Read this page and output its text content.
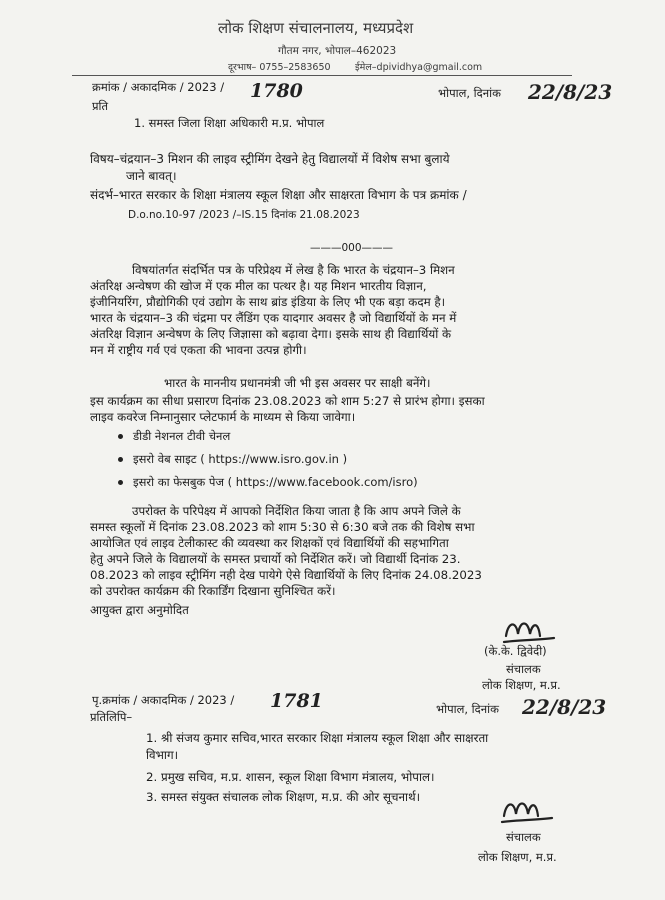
लोक शिक्षण संचालनालय, मध्यप्रदेश
गौतम नगर, भोपाल–462023
दूरभाष– 0755–2583650	ईमेल–dpividhya@gmail.com
क्रमांक / अकादमिक / 2023 / 1780	भोपाल, दिनांक 22/8/23
प्रति
1. समस्त जिला शिक्षा अधिकारी म.प्र. भोपाल
विषय–चंद्रयान–3 मिशन की लाइव स्ट्रीमिंग देखने हेतु विद्यालयों में विशेष सभा बुलाये
जाने बावत्।
संदर्भ–भारत सरकार के शिक्षा मंत्रालय स्कूल शिक्षा और साक्षरता विभाग के पत्र क्रमांक /
D.o.no.10-97 /2023 /–IS.15 दिनांक 21.08.2023
———000———
विषयांतर्गत संदर्भित पत्र के परिप्रेक्ष्य में लेख है कि भारत के चंद्रयान–3 मिशन
अंतरिक्ष अन्वेषण की खोज में एक मील का पत्थर है। यह मिशन भारतीय विज्ञान,
इंजीनियरिंग, प्रौद्योगिकी एवं उद्योग के साथ ब्रांड इंडिया के लिए भी एक बड़ा कदम है।
भारत के चंद्रयान–3 की चंद्रमा पर लैंडिंग एक यादगार अवसर है जो विद्यार्थियों के मन में
अंतरिक्ष विज्ञान अन्वेषण के लिए जिज्ञासा को बढ़ावा देगा। इसके साथ ही विद्यार्थियों के
मन में राष्ट्रीय गर्व एवं एकता की भावना उत्पन्न होगी।
भारत के माननीय प्रधानमंत्री जी भी इस अवसर पर साक्षी बनेंगे।
इस कार्यक्रम का सीधा प्रसारण दिनांक 23.08.2023 को शाम 5:27 से प्रारंभ होगा। इसका
लाइव कवरेज निम्नानुसार प्लेटफार्म के माध्यम से किया जावेगा।
डीडी नेशनल टीवी चेनल
इसरो वेब साइट ( https://www.isro.gov.in )
इसरो का फेसबुक पेज ( https://www.facebook.com/isro)
उपरोक्त के परिपेक्ष्य में आपको निर्देशित किया जाता है कि आप अपने जिले के
समस्त स्कूलों में दिनांक 23.08.2023 को शाम 5:30 से 6:30 बजे तक की विशेष सभा
आयोजित एवं लाइव टेलीकास्ट की व्यवस्था कर शिक्षकों एवं विद्यार्थियों की सहभागिता
हेतु अपने जिले के विद्यालयों के समस्त प्रचार्यो को निर्देशित करें। जो विद्यार्थी दिनांक 23.
08.2023 को लाइव स्ट्रीमिंग नही देख पायेगे ऐसे विद्यार्थियों के लिए दिनांक 24.08.2023
को उपरोक्त कार्यक्रम की रिकार्डिंग दिखाना सुनिश्चित करें।
आयुक्त द्वारा अनुमोदित
(के.के. द्विवेदी)
संचालक
लोक शिक्षण, म.प्र.
पृ.क्रमांक / अकादमिक / 2023 / 1781
प्रतिलिपि–
भोपाल, दिनांक 22/8/23
1. श्री संजय कुमार सचिव,भारत सरकार शिक्षा मंत्रालय स्कूल शिक्षा और साक्षरता
विभाग।
2. प्रमुख सचिव, म.प्र. शासन, स्कूल शिक्षा विभाग मंत्रालय, भोपाल।
3. समस्त संयुक्त संचालक लोक शिक्षण, म.प्र. की ओर सूचनार्थ।
संचालक
लोक शिक्षण, म.प्र.
